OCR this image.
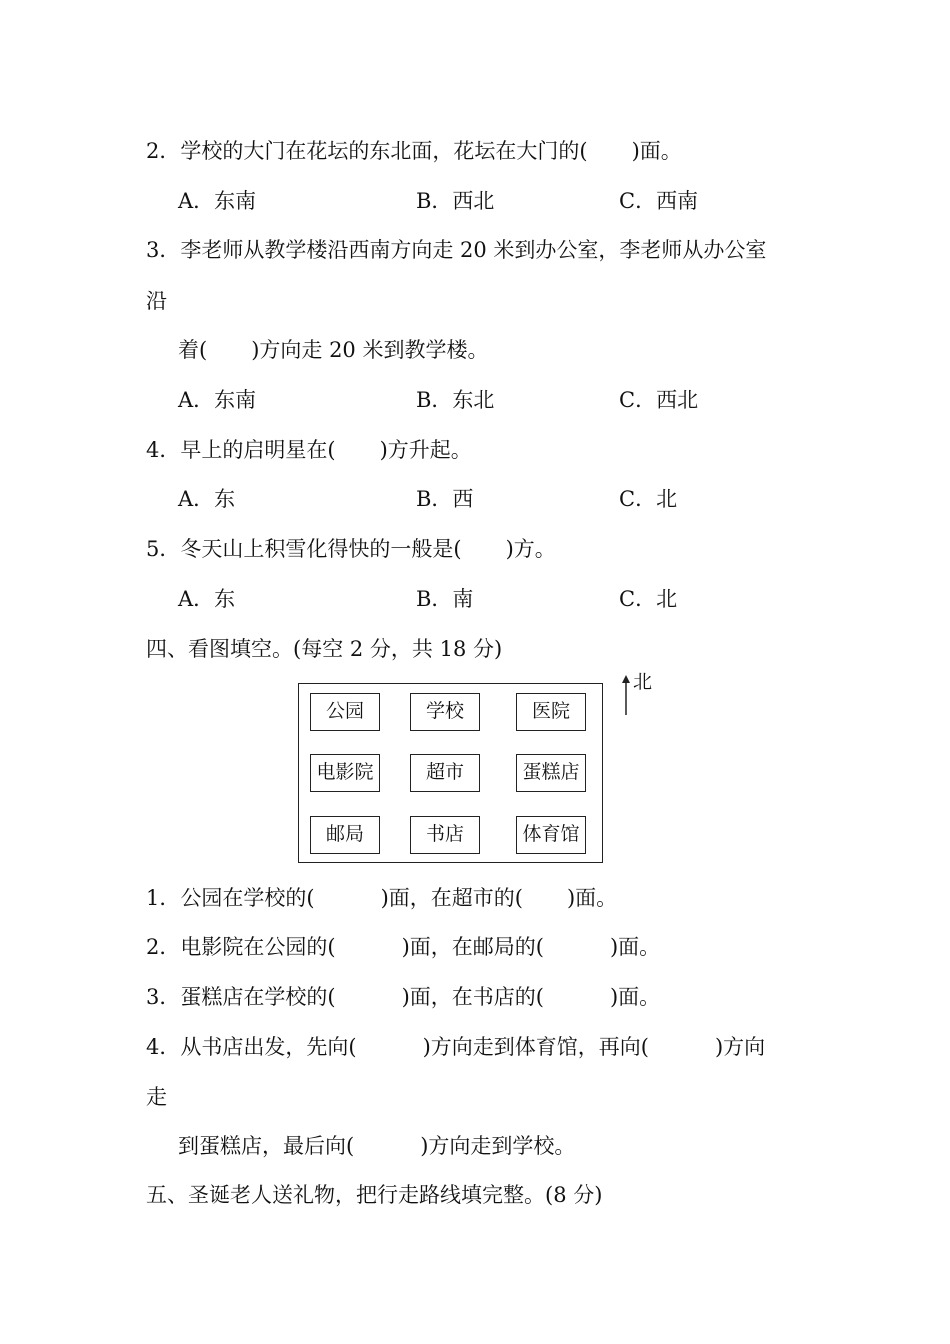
2．学校的大门在花坛的东北面，花坛在大门的( )面。
A．东南	B．西北	C．西南
3．李老师从教学楼沿西南方向走 20 米到办公室，李老师从办公室
沿
着( )方向走 20 米到教学楼。
A．东南	B．东北	C．西北
4．早上的启明星在( )方升起。
A．东	B．西	C．北
5．冬天山上积雪化得快的一般是( )方。
A．东	B．南	C．北
四、看图填空。(每空 2 分，共 18 分)
公园	学校	医院
电影院	超市	蛋糕店
邮局	书店	体育馆
北
1．公园在学校的(	)面，在超市的( )面。
2．电影院在公园的(	)面，在邮局的(	)面。
3．蛋糕店在学校的(	)面，在书店的(	)面。
4．从书店出发，先向(	)方向走到体育馆，再向(	)方向
走
到蛋糕店，最后向(	)方向走到学校。
五、圣诞老人送礼物，把行走路线填完整。(8 分)
